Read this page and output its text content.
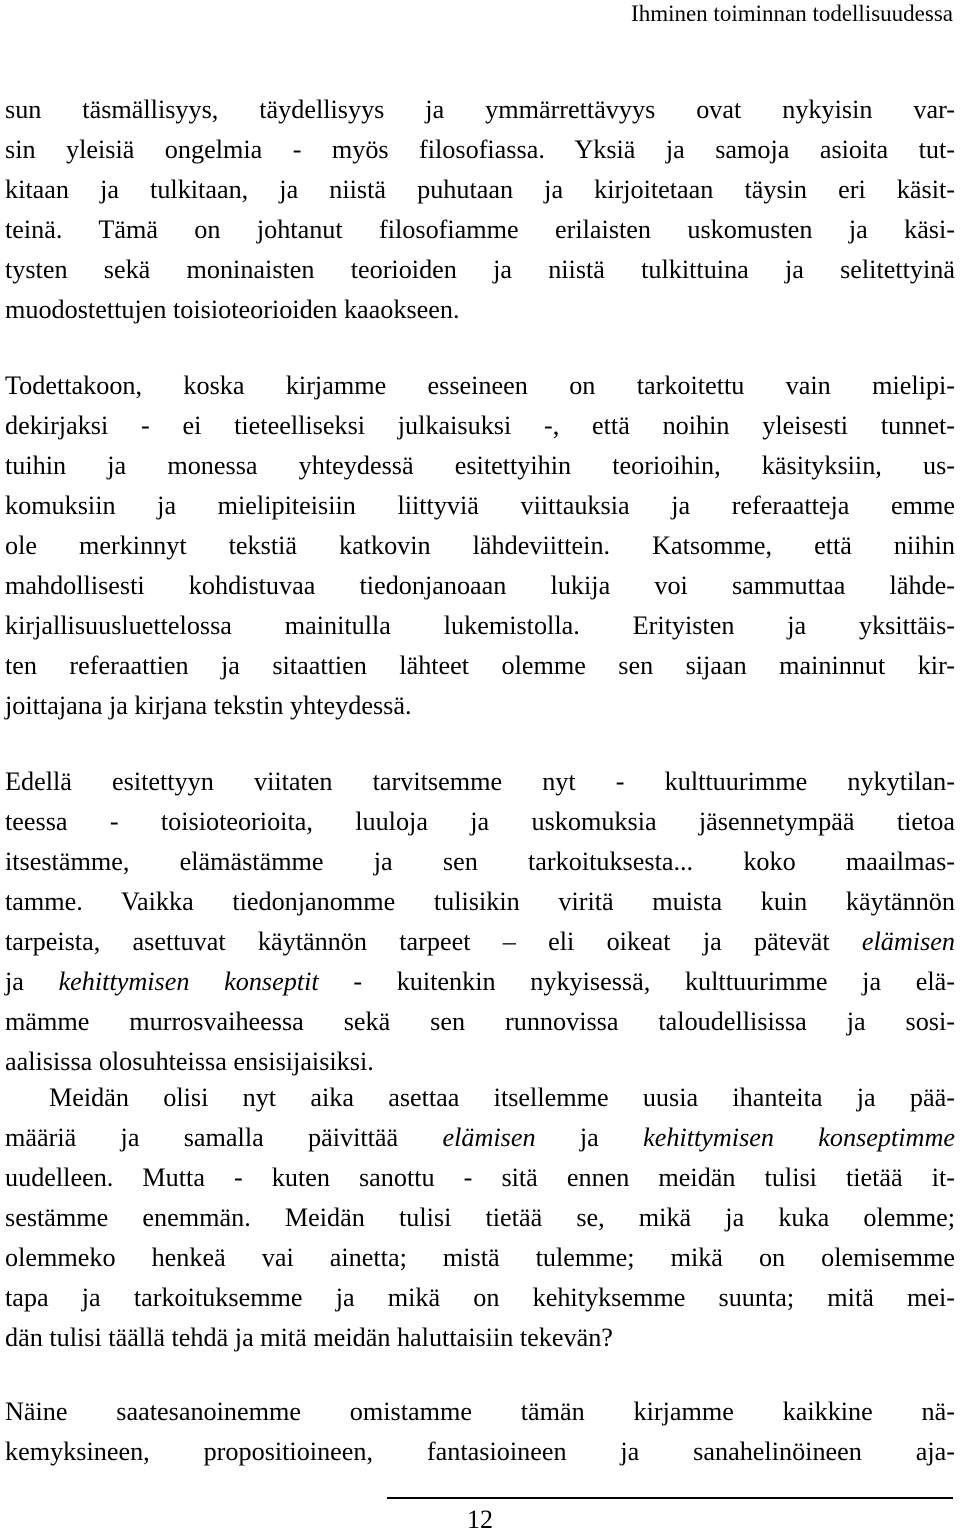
Ihminen toiminnan todellisuudessa
sun täsmällisyys, täydellisyys ja ymmärrettävyys ovat nykyisin var-
sin yleisiä ongelmia - myös filosofiassa. Yksiä ja samoja asioita tut-
kitaan ja tulkitaan, ja niistä puhutaan ja kirjoitetaan täysin eri käsit-
teinä. Tämä on johtanut filosofiamme erilaisten uskomusten ja käsi-
tysten sekä moninaisten teorioiden ja niistä tulkittuina ja selitettyinä
muodostettujen toisioteorioiden kaaokseen.
Todettakoon, koska kirjamme esseineen on tarkoitettu vain mielipi-
dekirjaksi - ei tieteelliseksi julkaisuksi -, että noihin yleisesti tunnet-
tuihin ja monessa yhteydessä esitettyihin teorioihin, käsityksiin, us-
komuksiin ja mielipiteisiin liittyviä viittauksia ja referaatteja emme
ole merkinnyt tekstiä katkovin lähdeviittein. Katsomme, että niihin
mahdollisesti kohdistuvaa tiedonjanoaan lukija voi sammuttaa lähde-
kirjallisuusluettelossa mainitulla lukemistolla. Erityisten ja yksittäis-
ten referaattien ja sitaattien lähteet olemme sen sijaan maininnut kir-
joittajana ja kirjana tekstin yhteydessä.
Edellä esitettyyn viitaten tarvitsemme nyt - kulttuurimme nykytilan-
teessa - toisioteorioita, luuloja ja uskomuksia jäsennetympää tietoa
itsestämme, elämästämme ja sen tarkoituksesta... koko maailmas-
tamme. Vaikka tiedonjanomme tulisikin viritä muista kuin käytännön
tarpeista, asettuvat käytännön tarpeet – eli oikeat ja pätevät elämisen
ja kehittymisen konseptit - kuitenkin nykyisessä, kulttuurimme ja elä-
mämme murrosvaiheessa sekä sen runnovissa taloudellisissa ja sosi-
aalisissa olosuhteissa ensisijaisiksi.
Meidän olisi nyt aika asettaa itsellemme uusia ihanteita ja pää-
määriä ja samalla päivittää elämisen ja kehittymisen konseptimme
uudelleen. Mutta - kuten sanottu - sitä ennen meidän tulisi tietää it-
sestämme enemmän. Meidän tulisi tietää se, mikä ja kuka olemme;
olemmeko henkeä vai ainetta; mistä tulemme; mikä on olemisemme
tapa ja tarkoituksemme ja mikä on kehityksemme suunta; mitä mei-
dän tulisi täällä tehdä ja mitä meidän haluttaisiin tekevän?
Näine saatesanoinemme omistamme tämän kirjamme kaikkine nä-
kemyksineen, propositioineen, fantasioineen ja sanahelinöineen aja-
12
